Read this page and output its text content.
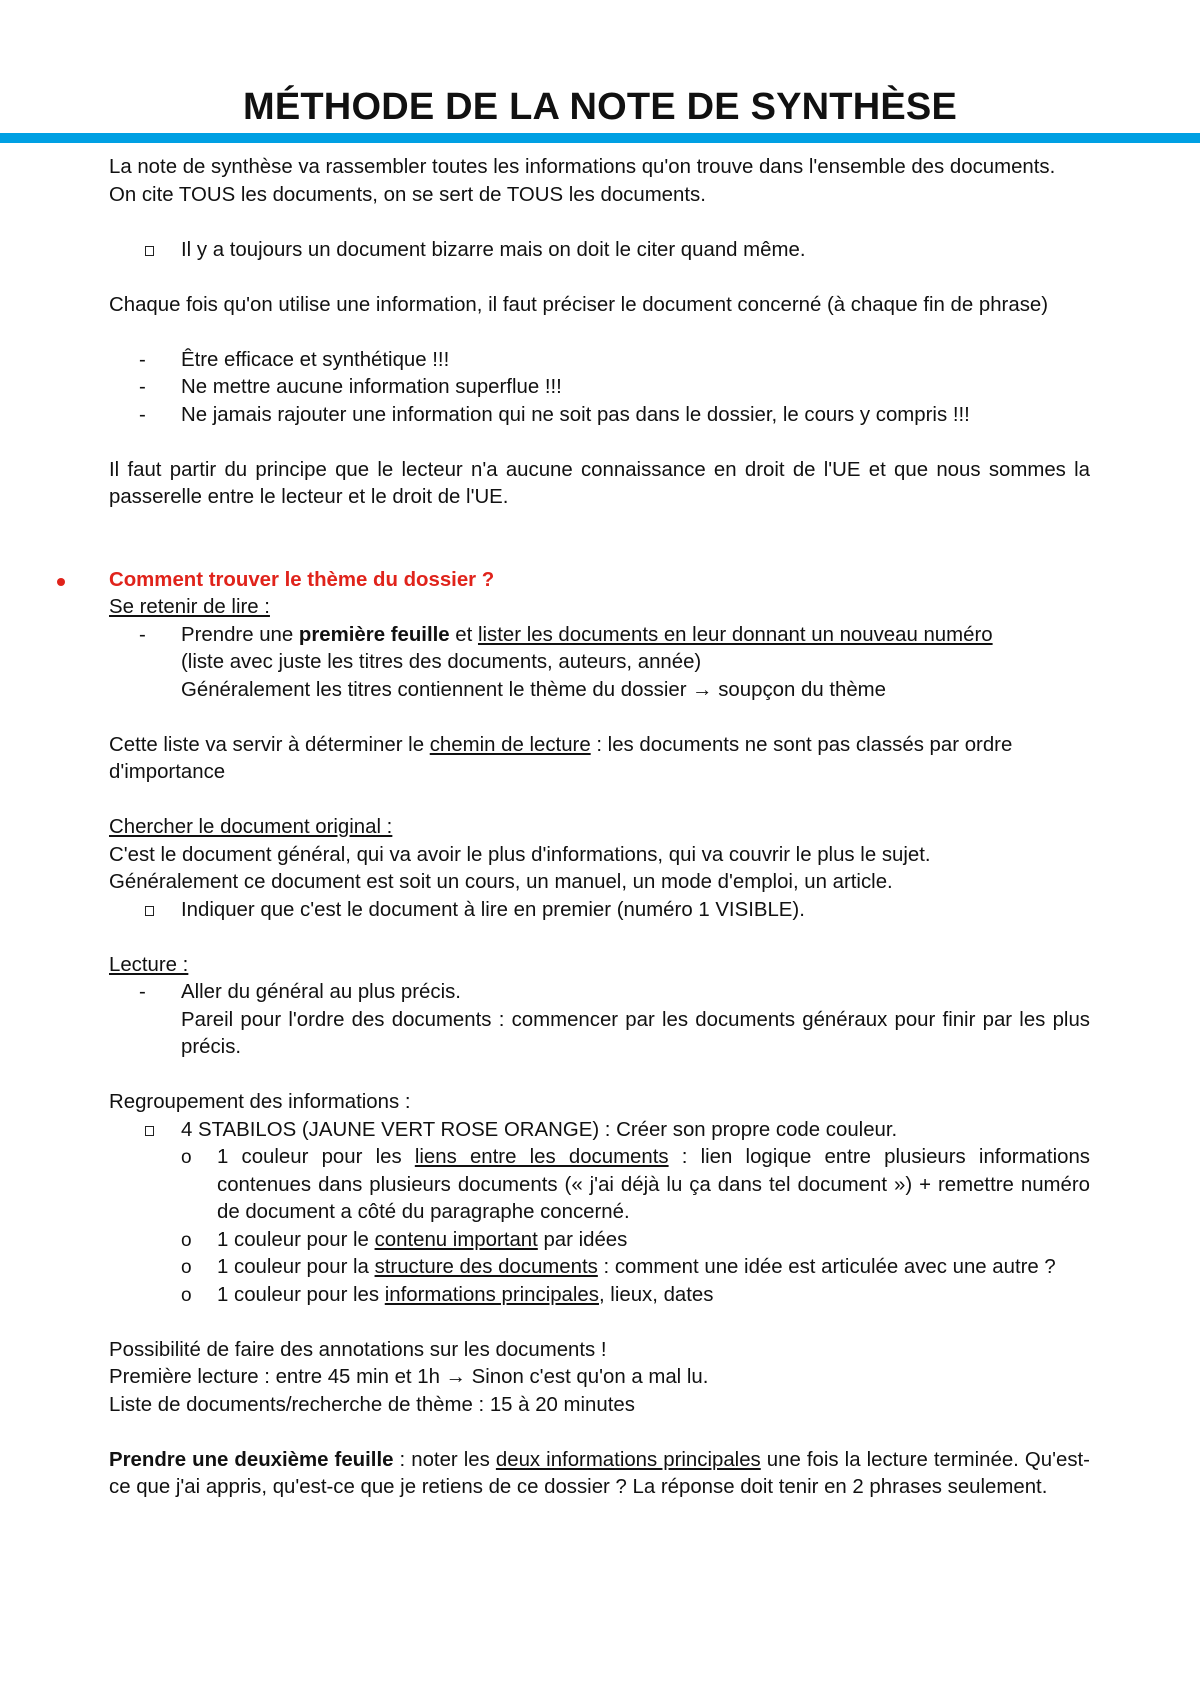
MÉTHODE DE LA NOTE DE SYNTHÈSE

La note de synthèse va rassembler toutes les informations qu'on trouve dans l'ensemble des documents.

On cite TOUS les documents, on se sert de TOUS les documents.

Il y a toujours un document bizarre mais on doit le citer quand même.

Chaque fois qu'on utilise une information, il faut préciser le document concerné (à chaque fin de phrase)

- Être efficace et synthétique !!!
- Ne mettre aucune information superflue !!!
- Ne jamais rajouter une information qui ne soit pas dans le dossier, le cours y compris !!!

Il faut partir du principe que le lecteur n'a aucune connaissance en droit de l'UE et que nous sommes la passerelle entre le lecteur et le droit de l'UE.

Comment trouver le thème du dossier ?

Se retenir de lire :

- Prendre une première feuille et lister les documents en leur donnant un nouveau numéro
(liste avec juste les titres des documents, auteurs, année)
Généralement les titres contiennent le thème du dossier → soupçon du thème

Cette liste va servir à déterminer le chemin de lecture : les documents ne sont pas classés par ordre d'importance

Chercher le document original :

C'est le document général, qui va avoir le plus d'informations, qui va couvrir le plus le sujet.

Généralement ce document est soit un cours, un manuel, un mode d'emploi, un article.

Indiquer que c'est le document à lire en premier (numéro 1 VISIBLE).

Lecture :

- Aller du général au plus précis.
Pareil pour l'ordre des documents : commencer par les documents généraux pour finir par les plus précis.

Regroupement des informations :

4 STABILOS (JAUNE VERT ROSE ORANGE) : Créer son propre code couleur.
o 1 couleur pour les liens entre les documents : lien logique entre plusieurs informations contenues dans plusieurs documents (« j'ai déjà lu ça dans tel document ») + remettre numéro de document a côté du paragraphe concerné.
o 1 couleur pour le contenu important par idées
o 1 couleur pour la structure des documents : comment une idée est articulée avec une autre ?
o 1 couleur pour les informations principales, lieux, dates

Possibilité de faire des annotations sur les documents !

Première lecture : entre 45 min et 1h → Sinon c'est qu'on a mal lu.

Liste de documents/recherche de thème : 15 à 20 minutes

Prendre une deuxième feuille : noter les deux informations principales une fois la lecture terminée. Qu'est-ce que j'ai appris, qu'est-ce que je retiens de ce dossier ? La réponse doit tenir en 2 phrases seulement.
